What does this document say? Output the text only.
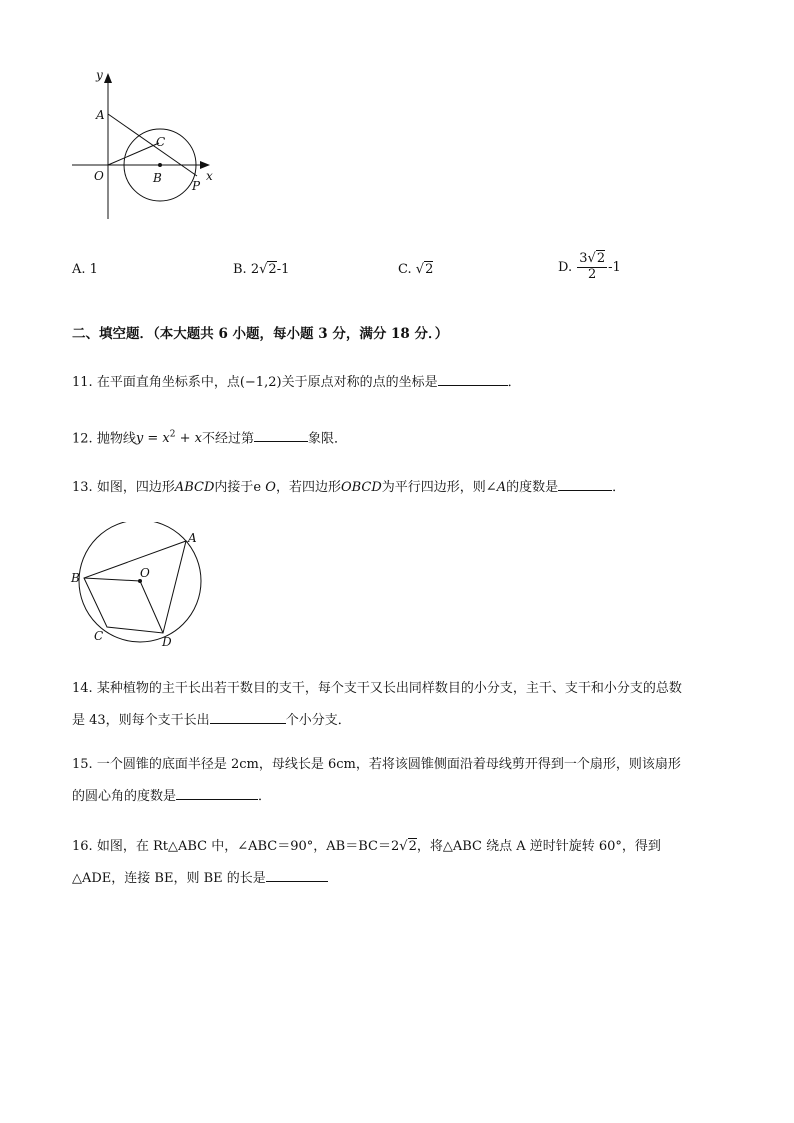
y
A
C
O	B	x
P
A. 1	B. 2√2-1	C. √2	D. $\frac{3√2}{2} -1$
二、填空题．（本大题共 6 小题，每小题 3 分，满分 18 分．）
11. 在平面直角坐标系中，点(−1,2)关于原点对称的点的坐标是	．
12. 抛物线$y = x^2 + x$不经过第	象限．
13. 如图，四边形ABCD内接于e O，若四边形OBCD为平行四边形，则∠A的度数是	．
A
B	O
C	D
14. 某种植物的主干长出若干数目的支干，每个支干又长出同样数目的小分支，主干、支干和小分支的总数
是 43，则每个支干长出	个小分支．
15. 一个圆锥的底面半径是 2cm，母线长是 6cm，若将该圆锥侧面沿着母线剪开得到一个扇形，则该扇形
的圆心角的度数是	．
16. 如图，在 Rt△ABC 中，∠ABC＝90°，AB＝BC＝2√2，将△ABC 绕点 A 逆时针旋转 60°，得到
△ADE，连接 BE，则 BE 的长是
